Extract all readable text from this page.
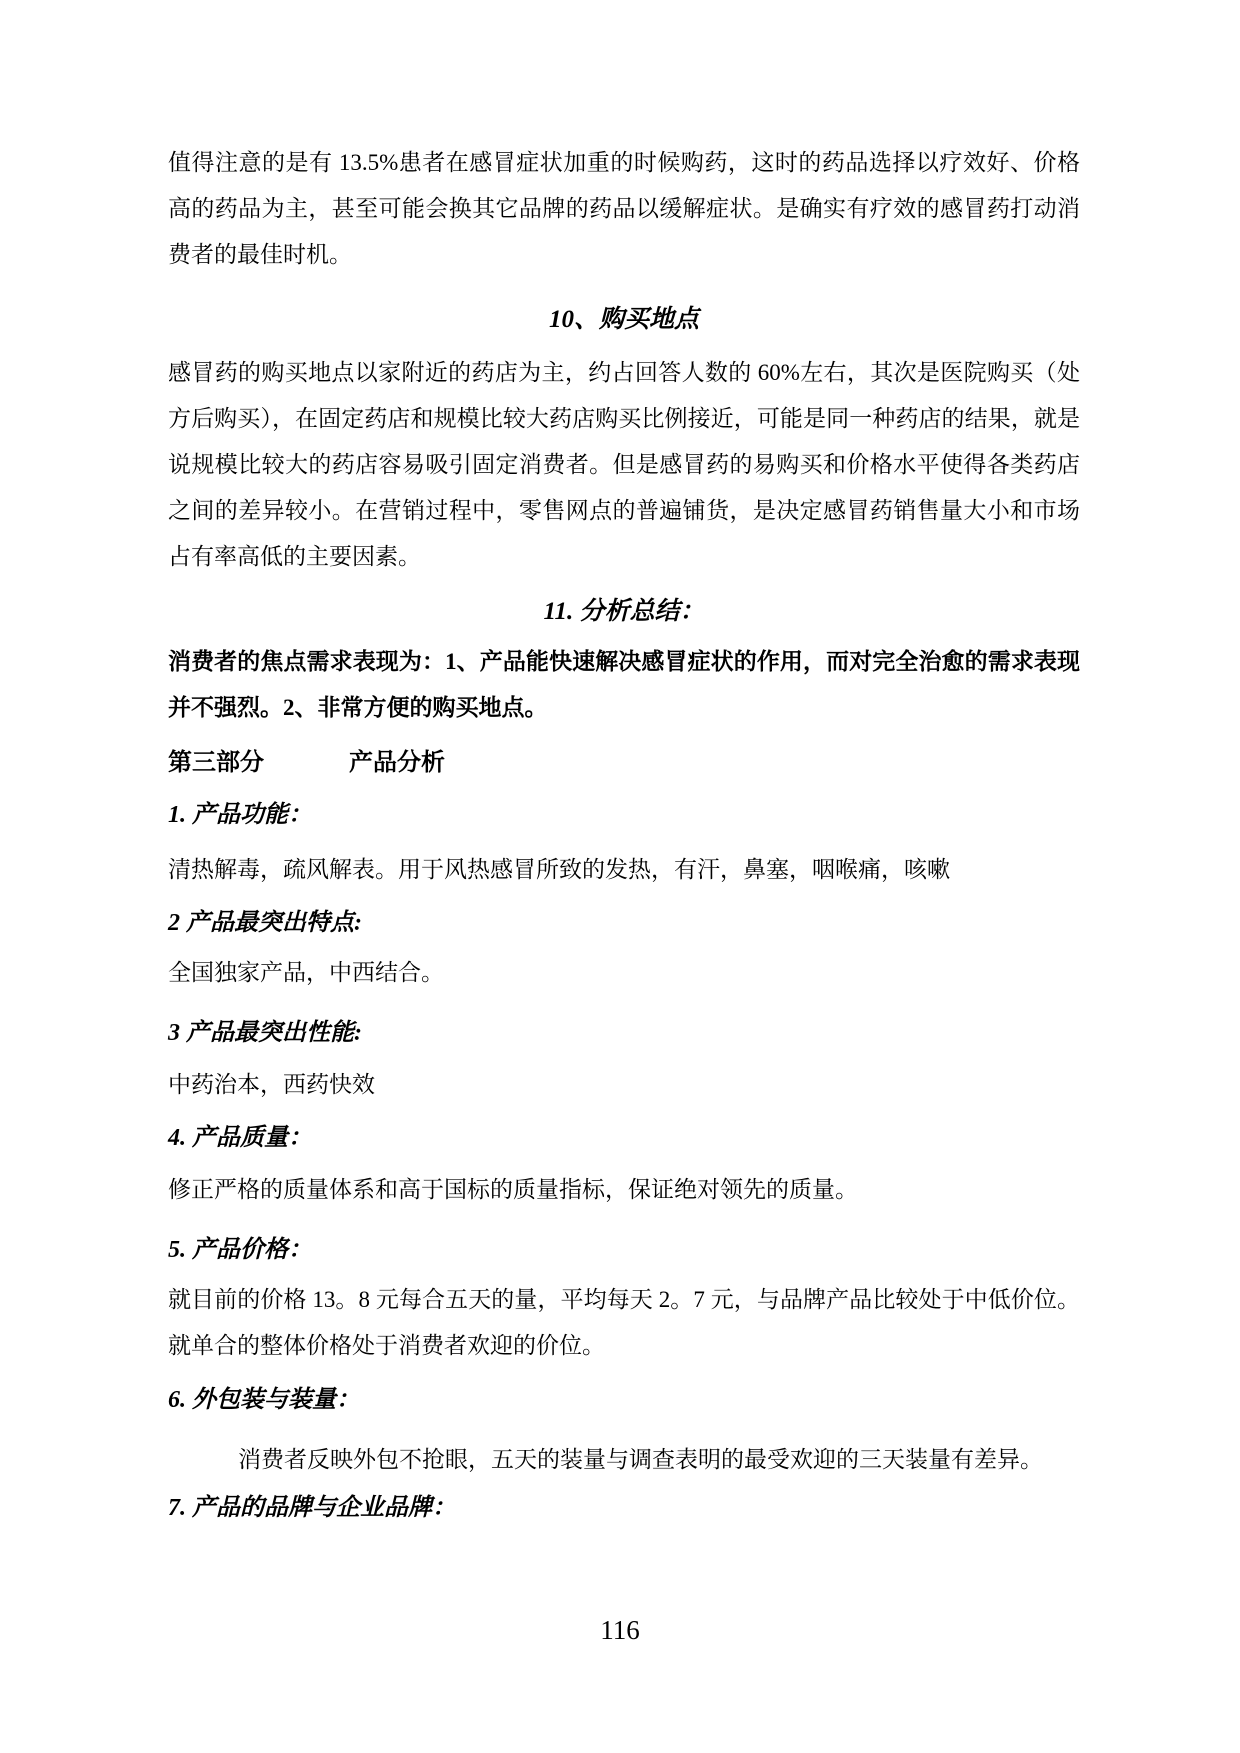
值得注意的是有 13.5%患者在感冒症状加重的时候购药，这时的药品选择以疗效好、价格高的药品为主，甚至可能会换其它品牌的药品以缓解症状。是确实有疗效的感冒药打动消费者的最佳时机。

10、购买地点

感冒药的购买地点以家附近的药店为主，约占回答人数的 60%左右，其次是医院购买（处方后购买），在固定药店和规模比较大药店购买比例接近，可能是同一种药店的结果，就是说规模比较大的药店容易吸引固定消费者。但是感冒药的易购买和价格水平使得各类药店之间的差异较小。在营销过程中，零售网点的普遍铺货，是决定感冒药销售量大小和市场占有率高低的主要因素。

11. 分析总结：

消费者的焦点需求表现为：1、产品能快速解决感冒症状的作用，而对完全治愈的需求表现并不强烈。2、非常方便的购买地点。

第三部分	产品分析

1. 产品功能：

清热解毒，疏风解表。用于风热感冒所致的发热，有汗，鼻塞，咽喉痛，咳嗽

2 产品最突出特点:

全国独家产品，中西结合。

3 产品最突出性能:

中药治本，西药快效

4. 产品质量：

修正严格的质量体系和高于国标的质量指标，保证绝对领先的质量。

5. 产品价格：

就目前的价格 13。8 元每合五天的量，平均每天 2。7 元，与品牌产品比较处于中低价位。就单合的整体价格处于消费者欢迎的价位。

6. 外包装与装量：

消费者反映外包不抢眼，五天的装量与调查表明的最受欢迎的三天装量有差异。

7. 产品的品牌与企业品牌：

116
